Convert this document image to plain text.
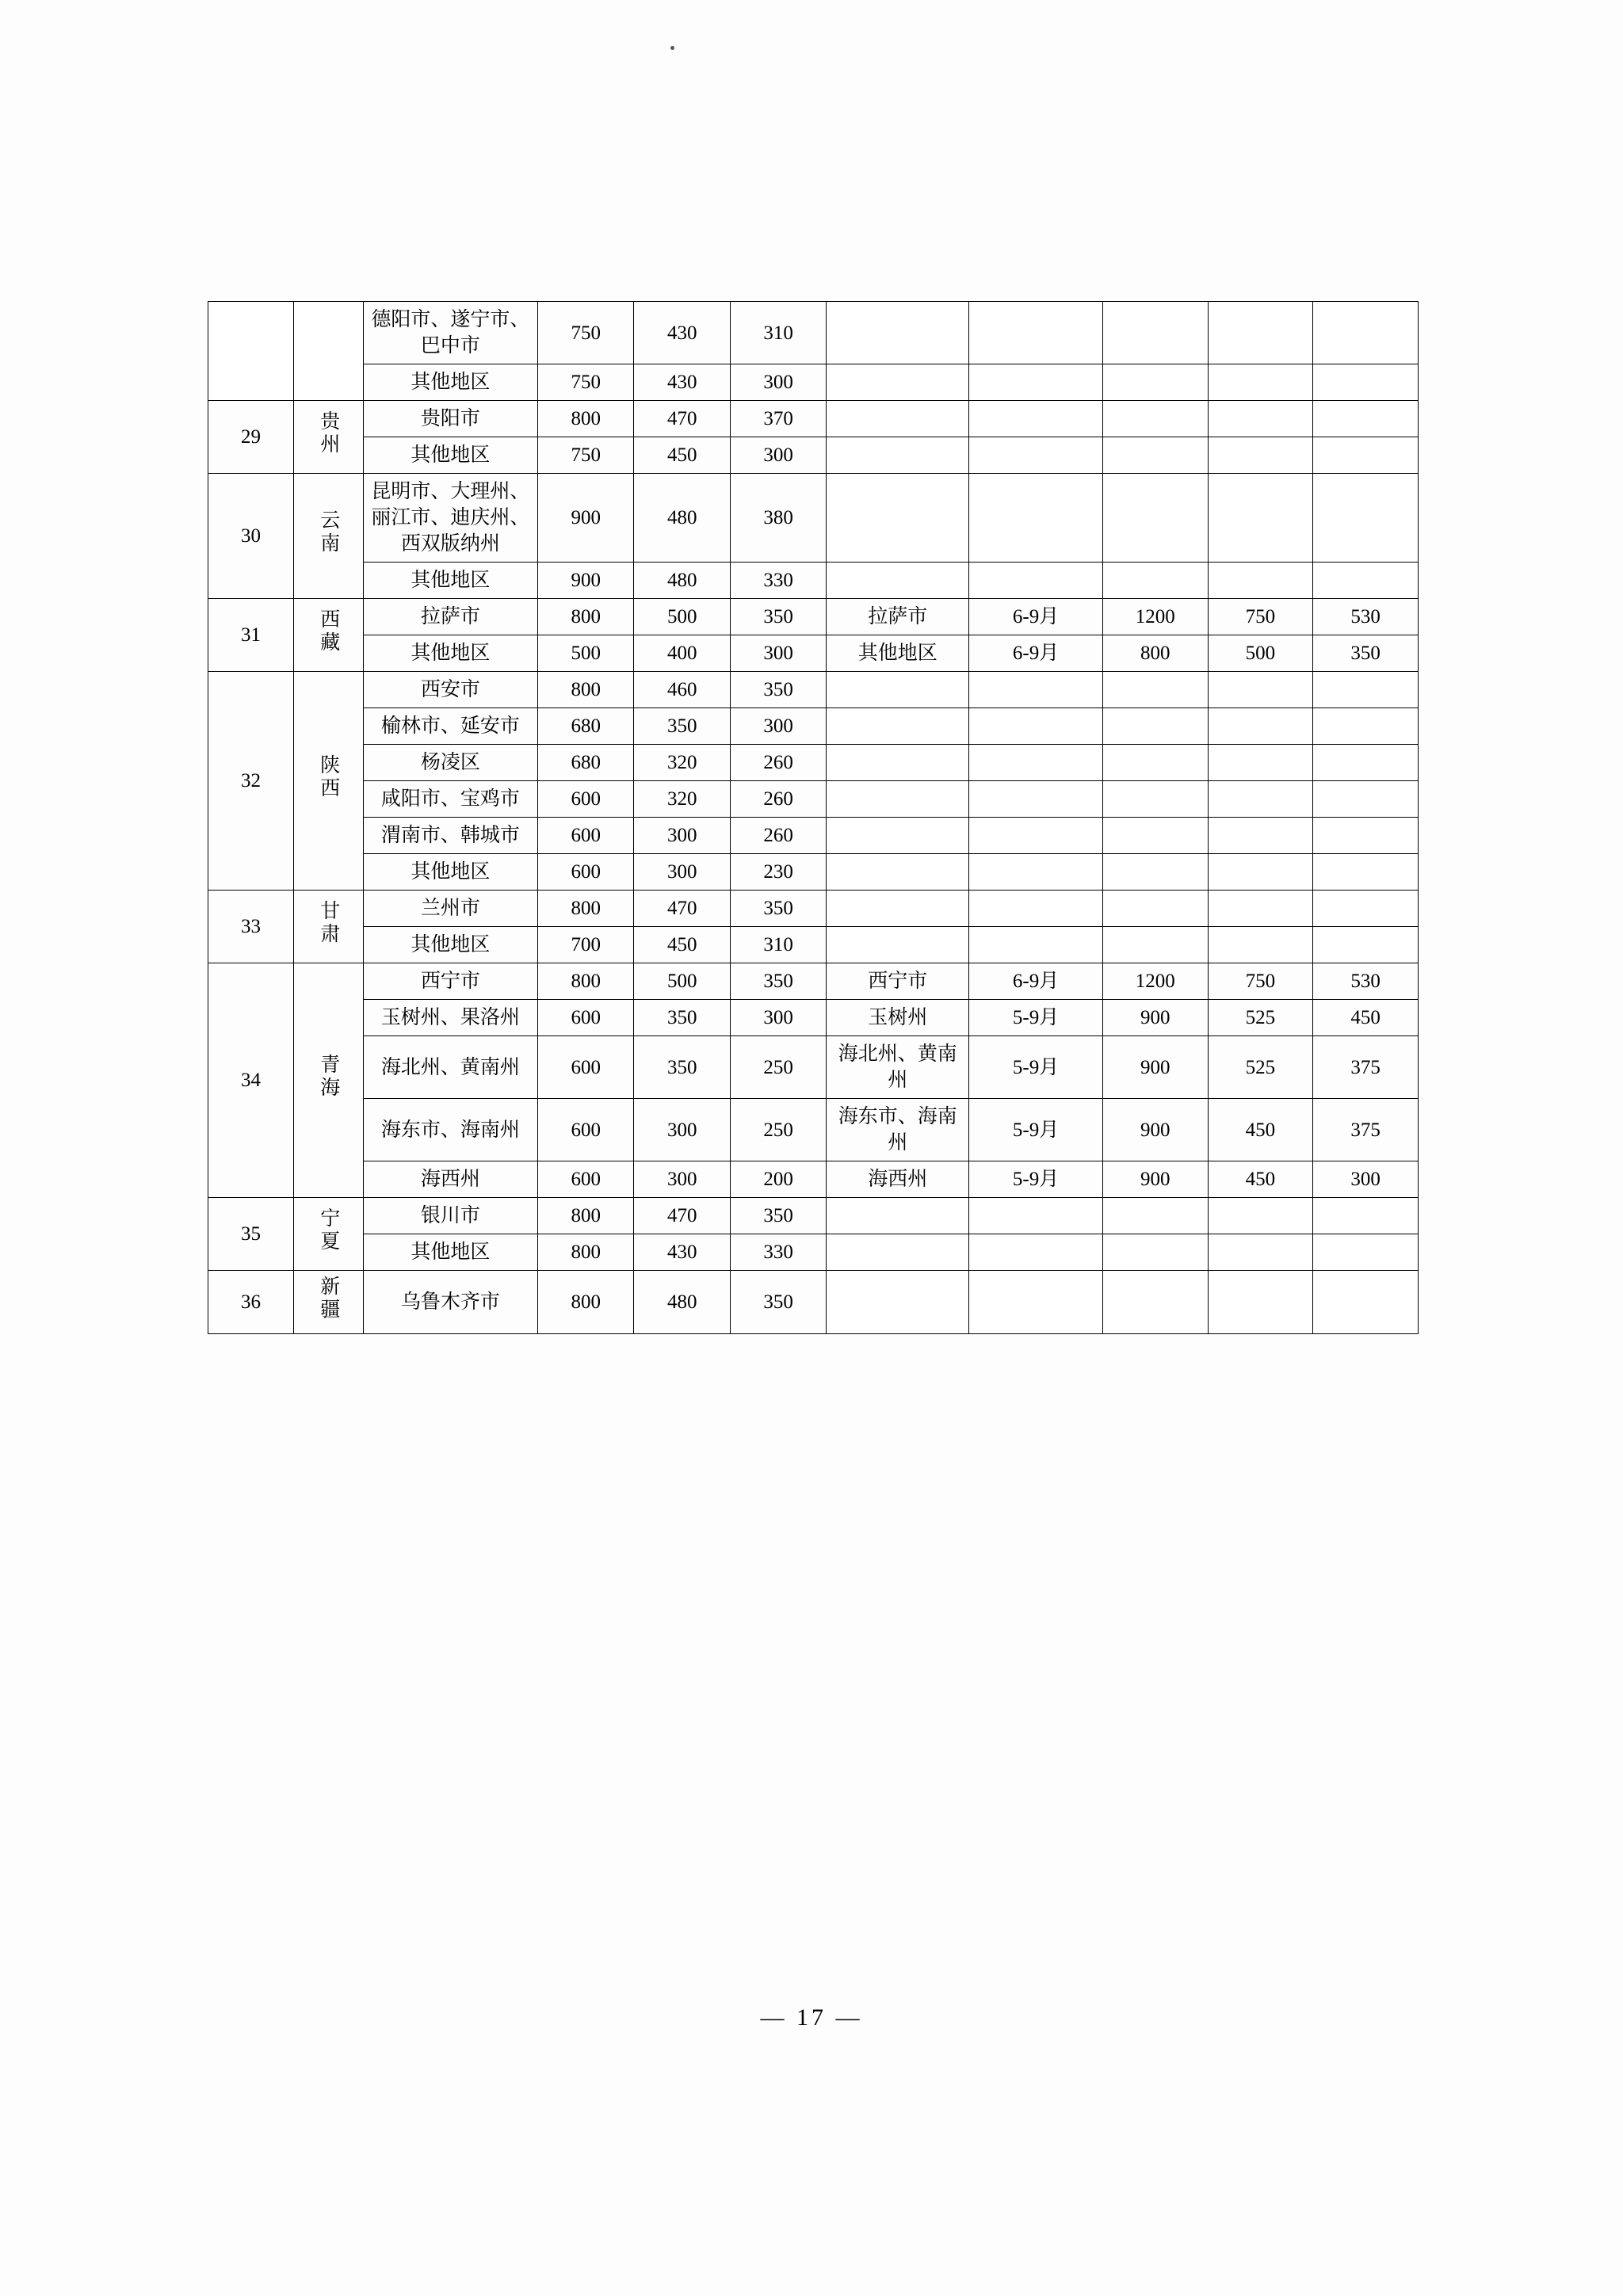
		德阳市、遂宁市、巴中市	750	430	310					
		其他地区	750	430	300					
29	贵州	贵阳市	800	470	370					
		其他地区	750	450	300					
30	云南	昆明市、大理州、丽江市、迪庆州、西双版纳州	900	480	380					
		其他地区	900	480	330					
31	西藏	拉萨市	800	500	350	拉萨市	6-9月	1200	750	530
		其他地区	500	400	300	其他地区	6-9月	800	500	350
32	陕西	西安市	800	460	350					
		榆林市、延安市	680	350	300					
		杨凌区	680	320	260					
		咸阳市、宝鸡市	600	320	260					
		渭南市、韩城市	600	300	260					
		其他地区	600	300	230					
33	甘肃	兰州市	800	470	350					
		其他地区	700	450	310					
34	青海	西宁市	800	500	350	西宁市	6-9月	1200	750	530
		玉树州、果洛州	600	350	300	玉树州	5-9月	900	525	450
		海北州、黄南州	600	350	250	海北州、黄南州	5-9月	900	525	375
		海东市、海南州	600	300	250	海东市、海南州	5-9月	900	450	375
		海西州	600	300	200	海西州	5-9月	900	450	300
35	宁夏	银川市	800	470	350					
		其他地区	800	430	330					
36	新疆	乌鲁木齐市	800	480	350					
— 17 —
